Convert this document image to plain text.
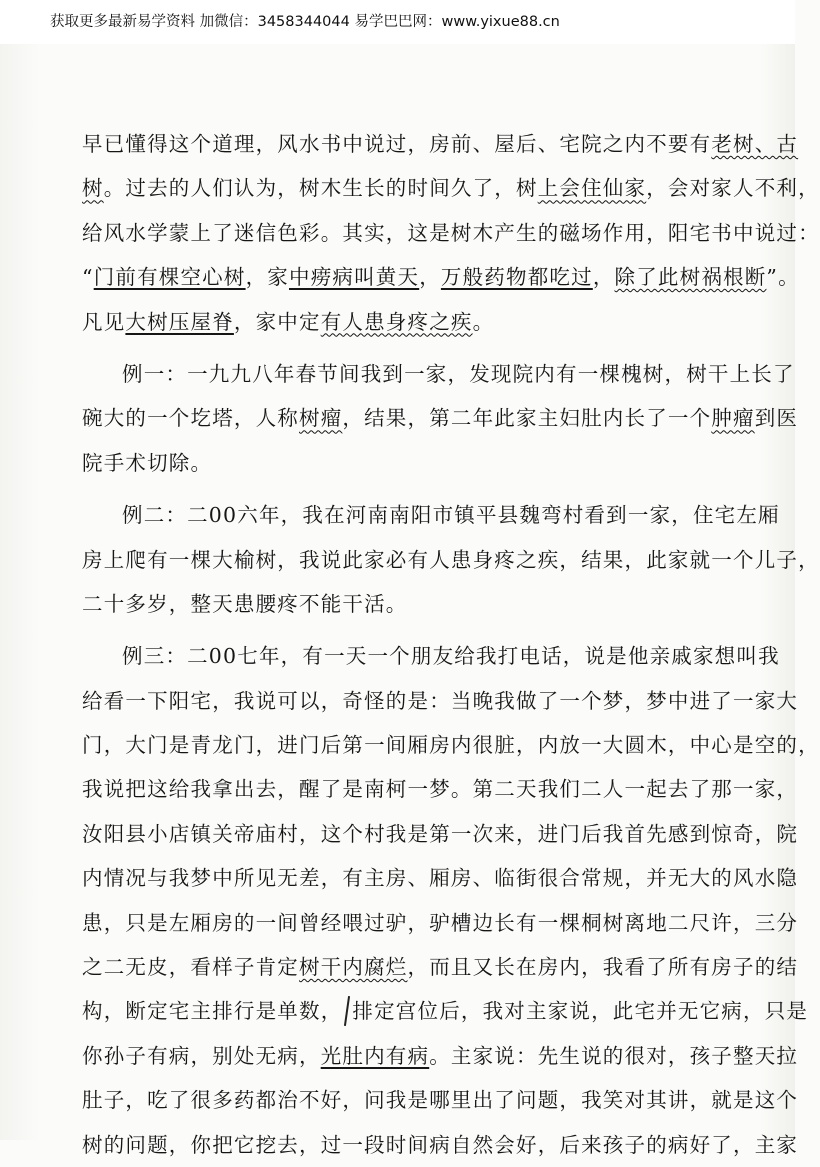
获取更多最新易学资料 加微信：3458344044 易学巴巴网：www.yixue88.cn
早已懂得这个道理，风水书中说过，房前、屋后、宅院之内不要有老树、古
树。过去的人们认为，树木生长的时间久了，树上会住仙家，会对家人不利，
给风水学蒙上了迷信色彩。其实，这是树木产生的磁场作用，阳宅书中说过：
“门前有棵空心树，家中痨病叫黄天，万般药物都吃过，除了此树祸根断”。
凡见大树压屋脊，家中定有人患身疼之疾。
例一：一九九八年春节间我到一家，发现院内有一棵槐树，树干上长了
碗大的一个圪塔，人称树瘤，结果，第二年此家主妇肚内长了一个肿瘤到医
院手术切除。
例二：二00六年，我在河南南阳市镇平县魏弯村看到一家，住宅左厢
房上爬有一棵大榆树，我说此家必有人患身疼之疾，结果，此家就一个儿子，
二十多岁，整天患腰疼不能干活。
例三：二00七年，有一天一个朋友给我打电话，说是他亲戚家想叫我
给看一下阳宅，我说可以，奇怪的是：当晚我做了一个梦，梦中进了一家大
门，大门是青龙门，进门后第一间厢房内很脏，内放一大圆木，中心是空的，
我说把这给我拿出去，醒了是南柯一梦。第二天我们二人一起去了那一家，
汝阳县小店镇关帝庙村，这个村我是第一次来，进门后我首先感到惊奇，院
内情况与我梦中所见无差，有主房、厢房、临街很合常规，并无大的风水隐
患，只是左厢房的一间曾经喂过驴，驴槽边长有一棵桐树离地二尺许，三分
之二无皮，看样子肯定树干内腐烂，而且又长在房内，我看了所有房子的结
构，断定宅主排行是单数， 排定宫位后，我对主家说，此宅并无它病，只是
你孙子有病，别处无病，光肚内有病。主家说：先生说的很对，孩子整天拉
肚子，吃了很多药都治不好，问我是哪里出了问题，我笑对其讲，就是这个
树的问题，你把它挖去，过一段时间病自然会好，后来孩子的病好了，主家
